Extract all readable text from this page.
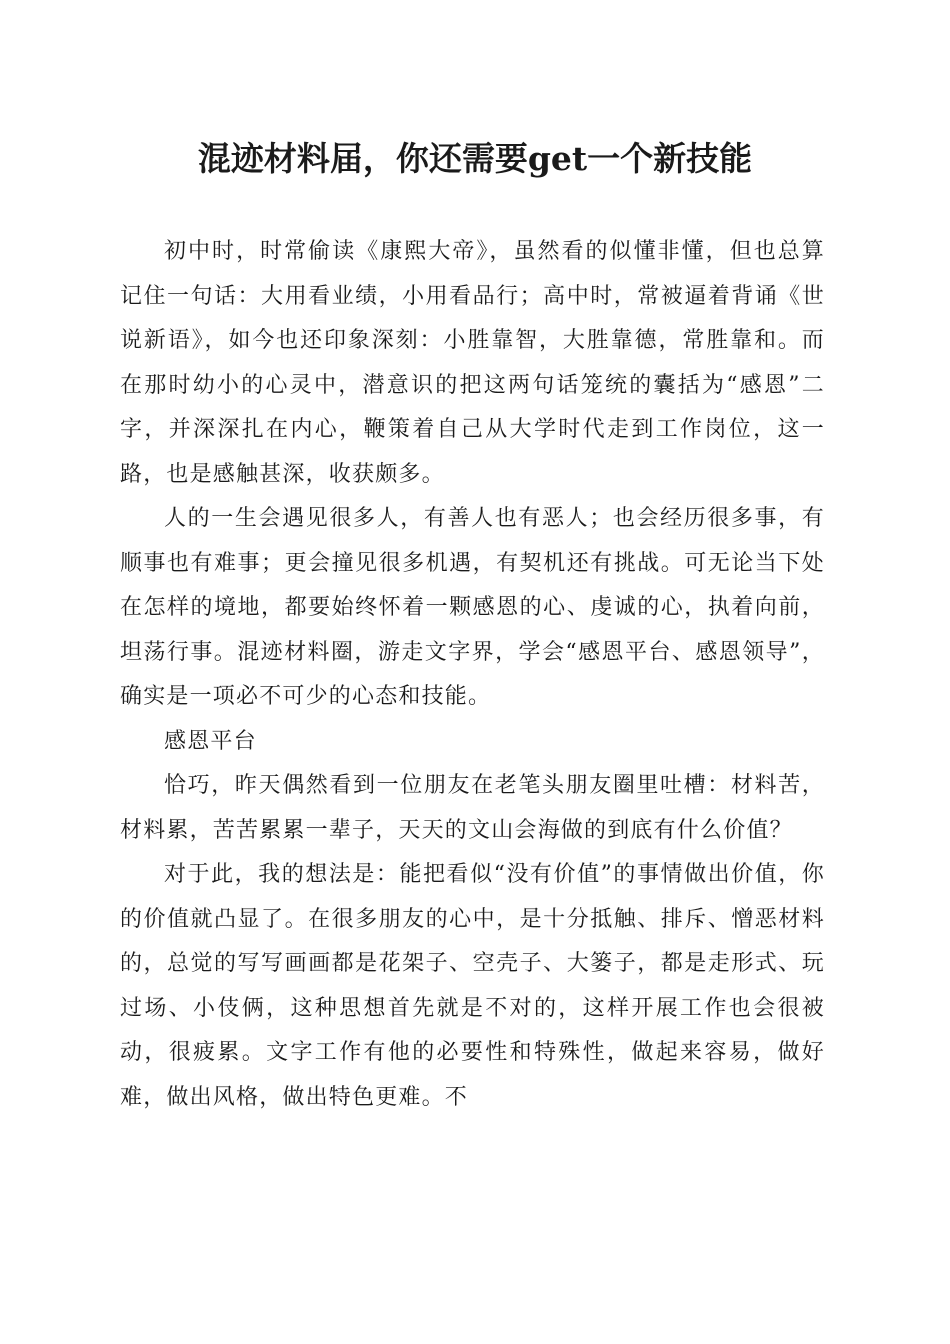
混迹材料届，你还需要get一个新技能

初中时，时常偷读《康熙大帝》，虽然看的似懂非懂，但也总算记住一句话：大用看业绩，小用看品行；高中时，常被逼着背诵《世说新语》，如今也还印象深刻：小胜靠智，大胜靠德，常胜靠和。而在那时幼小的心灵中，潜意识的把这两句话笼统的囊括为“感恩”二字，并深深扎在内心，鞭策着自己从大学时代走到工作岗位，这一路，也是感触甚深，收获颇多。

人的一生会遇见很多人，有善人也有恶人；也会经历很多事，有顺事也有难事；更会撞见很多机遇，有契机还有挑战。可无论当下处在怎样的境地，都要始终怀着一颗感恩的心、虔诚的心，执着向前，坦荡行事。混迹材料圈，游走文字界，学会“感恩平台、感恩领导”，确实是一项必不可少的心态和技能。

感恩平台

恰巧，昨天偶然看到一位朋友在老笔头朋友圈里吐槽：材料苦，材料累，苦苦累累一辈子，天天的文山会海做的到底有什么价值？

对于此，我的想法是：能把看似“没有价值”的事情做出价值，你的价值就凸显了。在很多朋友的心中，是十分抵触、排斥、憎恶材料的，总觉的写写画画都是花架子、空壳子、大篓子，都是走形式、玩过场、小伎俩，这种思想首先就是不对的，这样开展工作也会很被动，很疲累。文字工作有他的必要性和特殊性，做起来容易，做好难，做出风格，做出特色更难。不
